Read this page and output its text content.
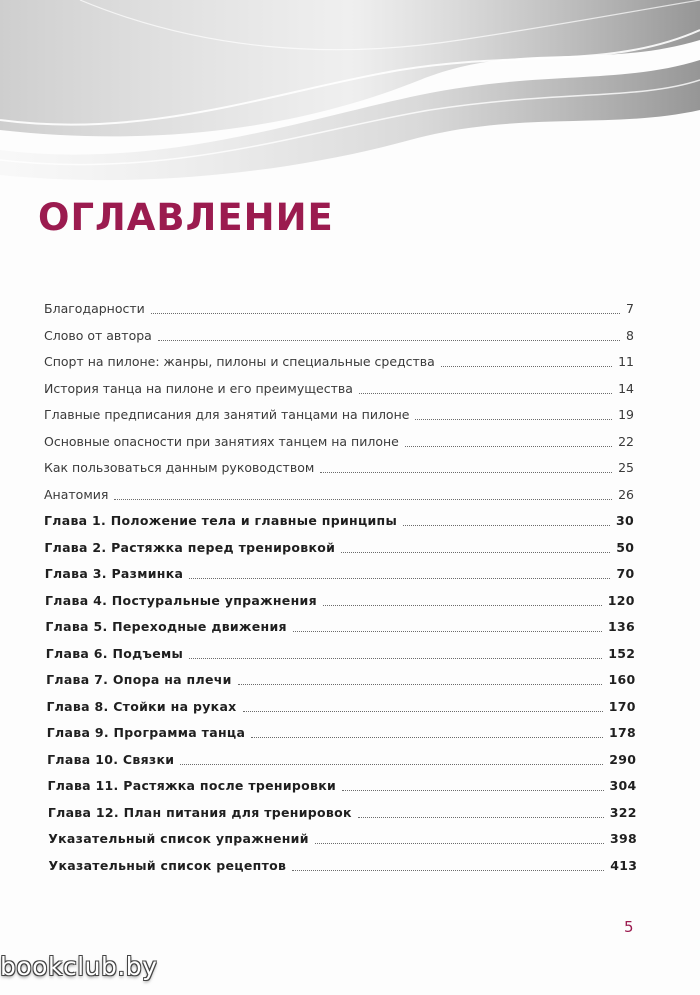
ОГЛАВЛЕНИЕ
Благодарности	7
Слово от автора	8
Спорт на пилоне: жанры, пилоны и специальные средства	11
История танца на пилоне и его преимущества	14
Главные предписания для занятий танцами на пилоне	19
Основные опасности при занятиях танцем на пилоне	22
Как пользоваться данным руководством	25
Анатомия	26
Глава 1. Положение тела и главные принципы	30
Глава 2. Растяжка перед тренировкой	50
Глава 3. Разминка	70
Глава 4. Постуральные упражнения	120
Глава 5. Переходные движения	136
Глава 6. Подъемы	152
Глава 7. Опора на плечи	160
Глава 8. Стойки на руках	170
Глава 9. Программа танца	178
Глава 10. Связки	290
Глава 11. Растяжка после тренировки	304
Глава 12. План питания для тренировок	322
Указательный список упражнений	398
Указательный список рецептов	413
5
bookclub.by
